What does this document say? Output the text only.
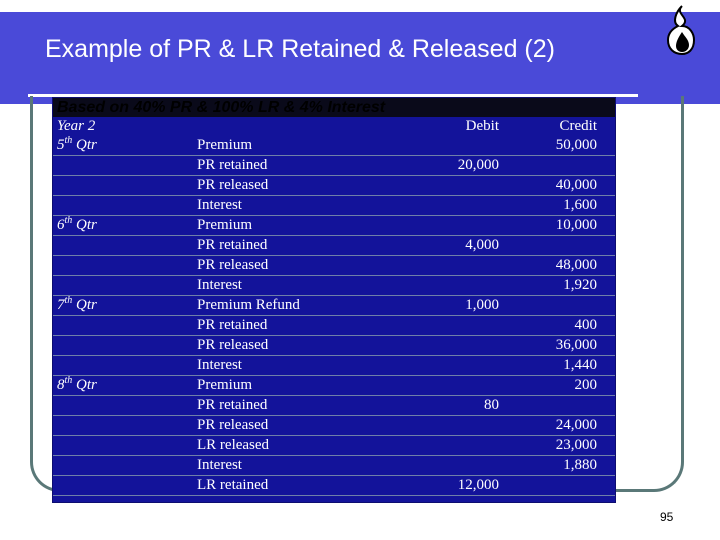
Example of PR & LR Retained & Released (2)
Based on 40% PR & 100% LR & 4% Interest
Year 2		Debit	Credit
5th Qtr	Premium		50,000
	PR retained	20,000	
	PR released		40,000
	Interest		1,600
6th Qtr	Premium		10,000
	PR retained	4,000	
	PR released		48,000
	Interest		1,920
7th Qtr	Premium Refund	1,000	
	PR retained		400
	PR released		36,000
	Interest		1,440
8th Qtr	Premium		200
	PR retained	80	
	PR released		24,000
	LR released		23,000
	Interest		1,880
	LR retained	12,000	
95
